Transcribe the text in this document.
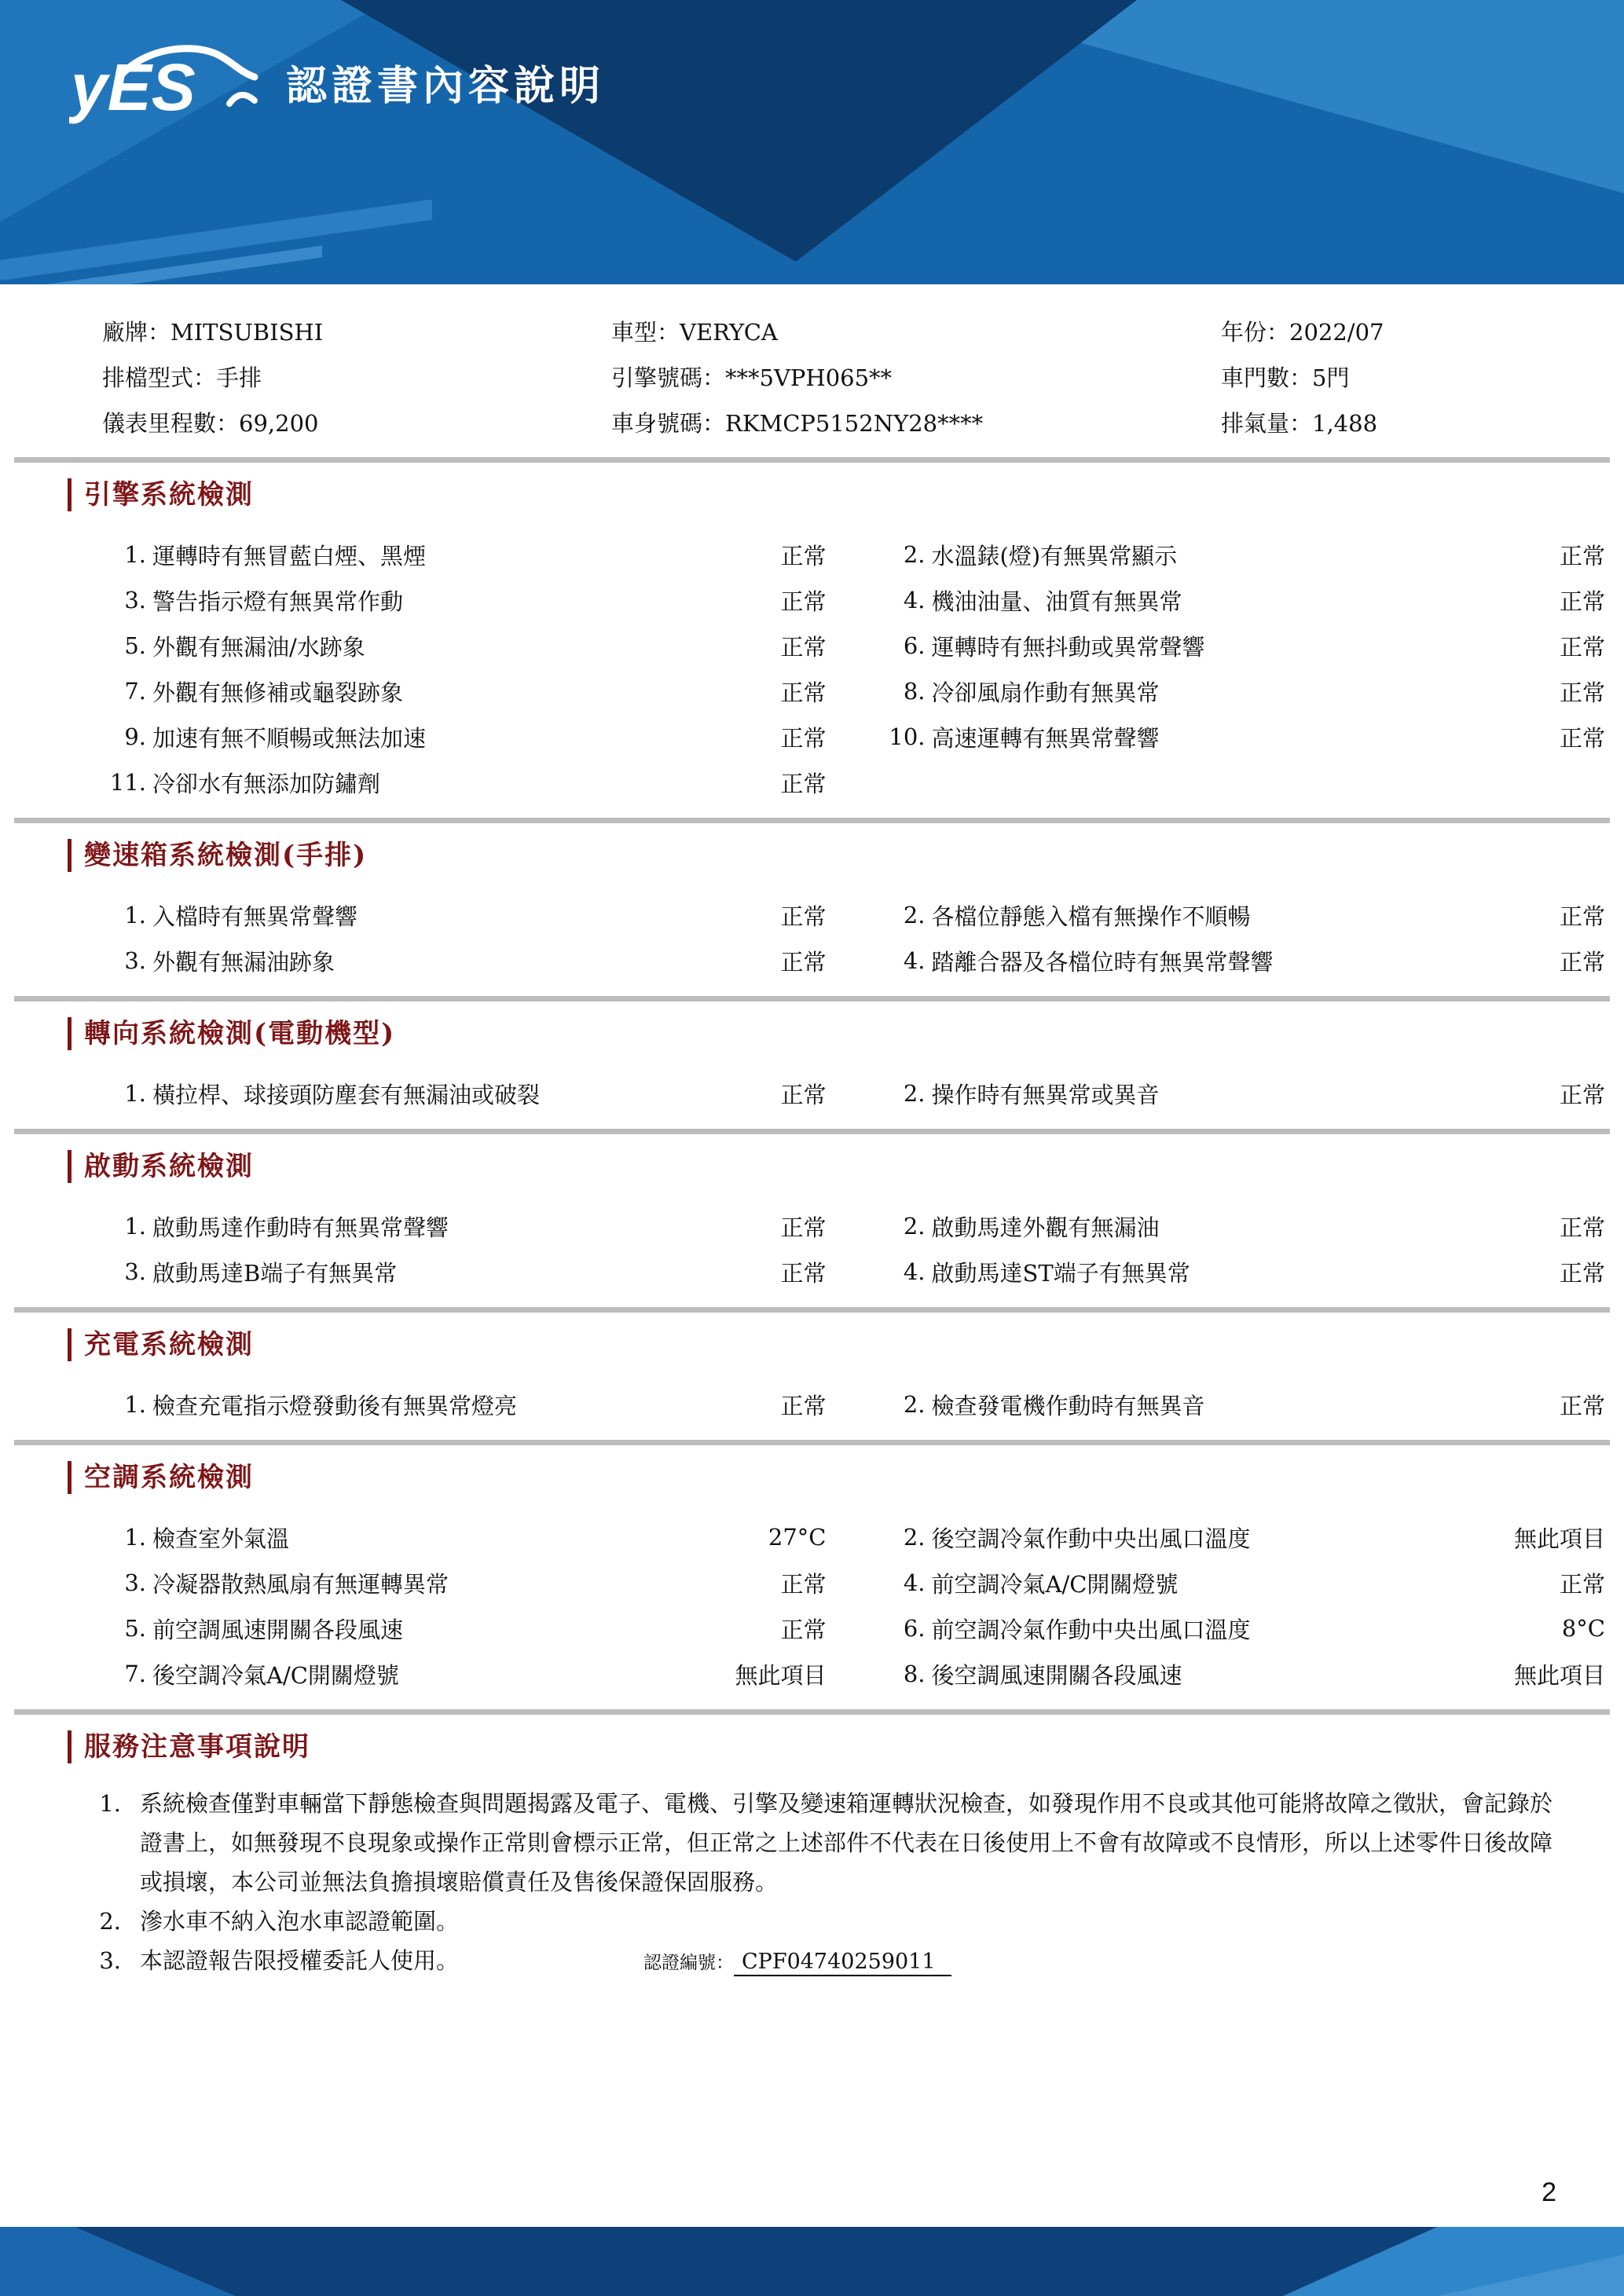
yES 認證書內容說明
廠牌：MITSUBISHI	車型：VERYCA	年份：2022/07
排檔型式：手排	引擎號碼：***5VPH065**	車門數：5門
儀表里程數：69,200	車身號碼：RKMCP5152NY28****	排氣量：1,488
引擎系統檢測
1. 運轉時有無冒藍白煙、黑煙	正常	2. 水溫錶(燈)有無異常顯示	正常
3. 警告指示燈有無異常作動	正常	4. 機油油量、油質有無異常	正常
5. 外觀有無漏油/水跡象	正常	6. 運轉時有無抖動或異常聲響	正常
7. 外觀有無修補或龜裂跡象	正常	8. 冷卻風扇作動有無異常	正常
9. 加速有無不順暢或無法加速	正常	10. 高速運轉有無異常聲響	正常
11. 冷卻水有無添加防鏽劑	正常
變速箱系統檢測(手排)
1. 入檔時有無異常聲響	正常	2. 各檔位靜態入檔有無操作不順暢	正常
3. 外觀有無漏油跡象	正常	4. 踏離合器及各檔位時有無異常聲響	正常
轉向系統檢測(電動機型)
1. 橫拉桿、球接頭防塵套有無漏油或破裂	正常	2. 操作時有無異常或異音	正常
啟動系統檢測
1. 啟動馬達作動時有無異常聲響	正常	2. 啟動馬達外觀有無漏油	正常
3. 啟動馬達B端子有無異常	正常	4. 啟動馬達ST端子有無異常	正常
充電系統檢測
1. 檢查充電指示燈發動後有無異常燈亮	正常	2. 檢查發電機作動時有無異音	正常
空調系統檢測
1. 檢查室外氣溫	27°C	2. 後空調冷氣作動中央出風口溫度	無此項目
3. 冷凝器散熱風扇有無運轉異常	正常	4. 前空調冷氣A/C開關燈號	正常
5. 前空調風速開關各段風速	正常	6. 前空調冷氣作動中央出風口溫度	8°C
7. 後空調冷氣A/C開關燈號	無此項目	8. 後空調風速開關各段風速	無此項目
服務注意事項說明
1. 系統檢查僅對車輛當下靜態檢查與問題揭露及電子、電機、引擎及變速箱運轉狀況檢查，如發現作用不良或其他可能將故障之徵狀，會記錄於證書上，如無發現不良現象或操作正常則會標示正常，但正常之上述部件不代表在日後使用上不會有故障或不良情形，所以上述零件日後故障或損壞，本公司並無法負擔損壞賠償責任及售後保證保固服務。
2. 滲水車不納入泡水車認證範圍。
3. 本認證報告限授權委託人使用。	認證編號： CPF04740259011
2
